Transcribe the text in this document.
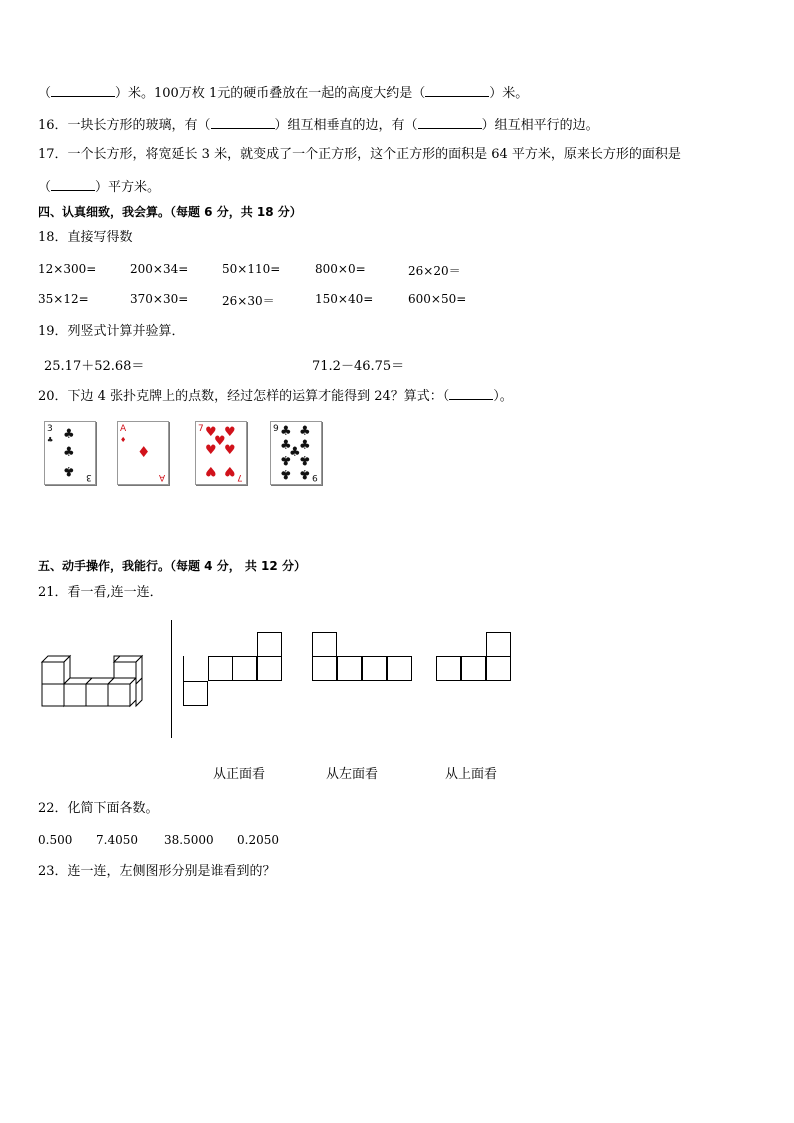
（	）米。100万枚 1元的硬币叠放在一起的高度大约是（	）米。
16．一块长方形的玻璃，有（	）组互相垂直的边，有（	）组互相平行的边。
17．一个长方形，将宽延长 3 米，就变成了一个正方形，这个正方形的面积是 64 平方米，原来长方形的面积是
（	）平方米。
四、认真细致，我会算。（每题 6 分，共 18 分）
18．直接写得数
12×300=	200×34=	50×110=	800×0=	26×20＝
35×12=	370×30=	26×30＝	150×40=	600×50=
19．列竖式计算并验算．
25.17＋52.68＝	71.2－46.75＝
20．下边 4 张扑克牌上的点数，经过怎样的运算才能得到 24？算式：（	）。
3
♣ ♣
♣
♣ 3
A
♦
♦
A
7 ♥ ♥
♥
♥ ♥
♥ ♥ 7
9 ♣ ♣
♣ ♣
♣
♣ ♣
♣ ♣ 9
五、动手操作，我能行。（每题 4 分， 共 12 分）
21．看一看,连一连．
从正面看	从左面看	从上面看
22．化简下面各数。
0.500 7.4050 38.5000 0.2050
23．连一连，左侧图形分别是谁看到的？
